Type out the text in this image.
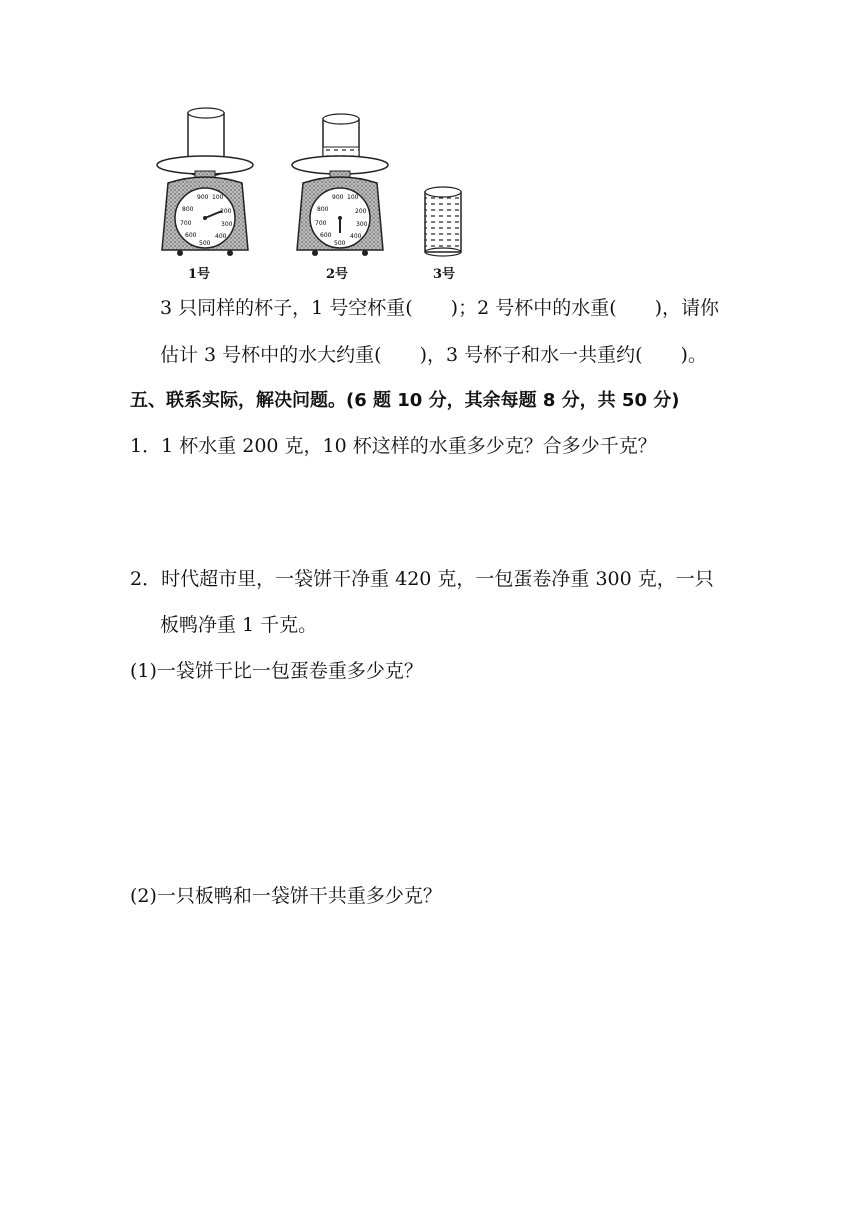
900 100
800	200
700	300
600	400
500
900 100
800	200
700	300
600	400
500
1号	2号	3号
3 只同样的杯子，1 号空杯重(　　)；2 号杯中的水重(　　)，请你
估计 3 号杯中的水大约重(　　)，3 号杯子和水一共重约(　　)。
五、联系实际，解决问题。(6 题 10 分，其余每题 8 分，共 50 分)
1．1 杯水重 200 克，10 杯这样的水重多少克？合多少千克？
2．时代超市里，一袋饼干净重 420 克，一包蛋卷净重 300 克，一只
板鸭净重 1 千克。
(1)一袋饼干比一包蛋卷重多少克？
(2)一只板鸭和一袋饼干共重多少克？
